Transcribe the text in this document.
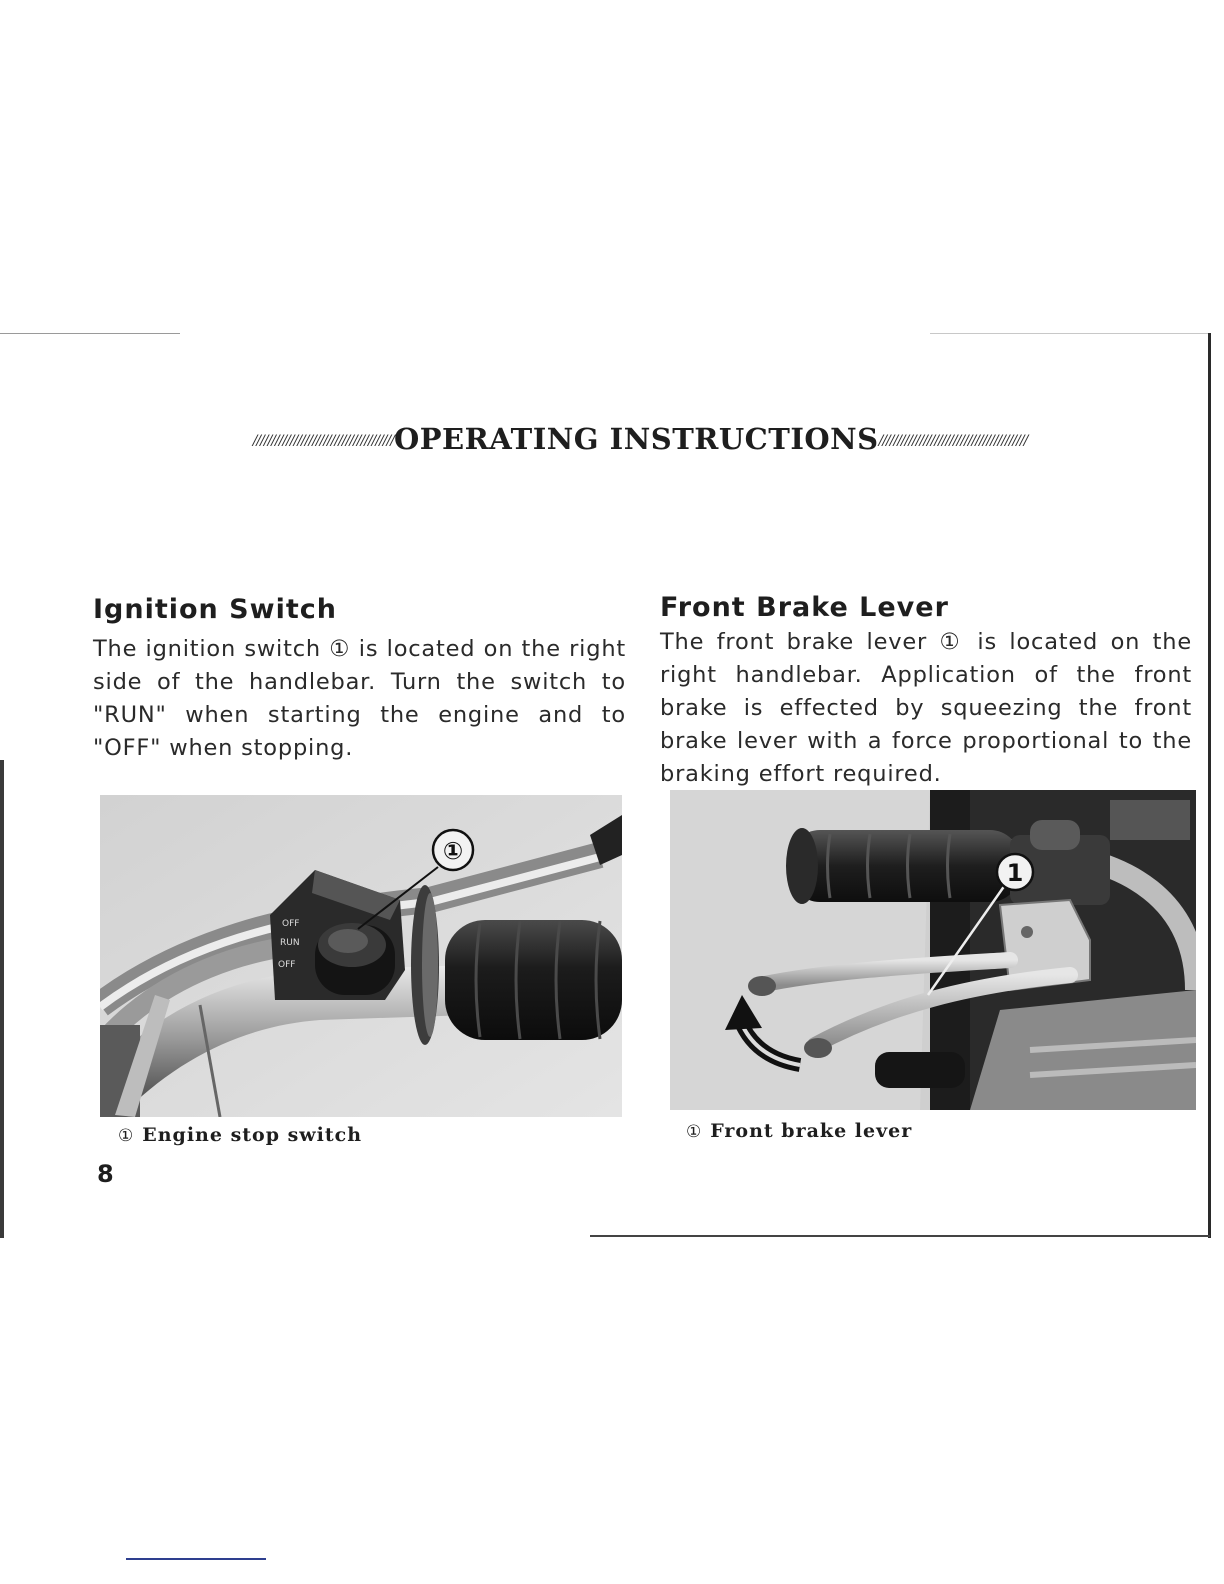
//////////////////////////////////////OPERATING INSTRUCTIONS////////////////////////////////////////
Ignition Switch

The ignition switch ① is located on the right side of the handlebar. Turn the switch to "RUN" when starting the engine and to "OFF" when stopping.

①
OFF
RUN
OFF
① Engine stop switch
Front Brake Lever

The front brake lever ① is located on the right handlebar. Application of the front brake is effected by squeezing the front brake lever with a force proportional to the braking effort required.

1
① Front brake lever
8
